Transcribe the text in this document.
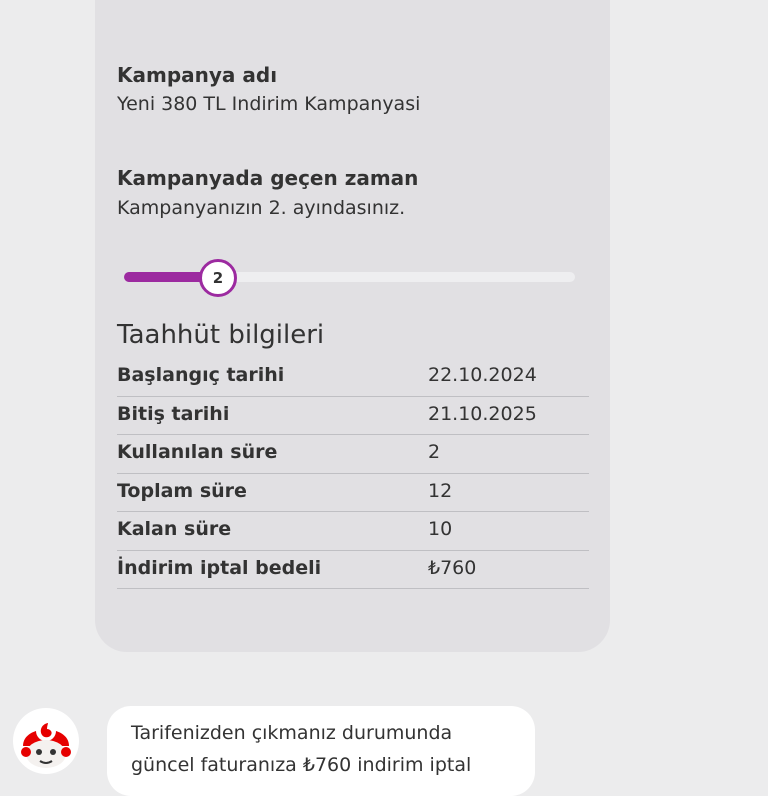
Kampanya adı
Yeni 380 TL Indirim Kampanyasi
Kampanyada geçen zaman
Kampanyanızın 2. ayındasınız.
2
Taahhüt bilgileri
Başlangıç tarihi	22.10.2024
Bitiş tarihi	21.10.2025
Kullanılan süre	2
Toplam süre	12
Kalan süre	10
İndirim iptal bedeli	₺760
Tarifenizden çıkmanız durumunda
güncel faturanıza ₺760 indirim iptal
